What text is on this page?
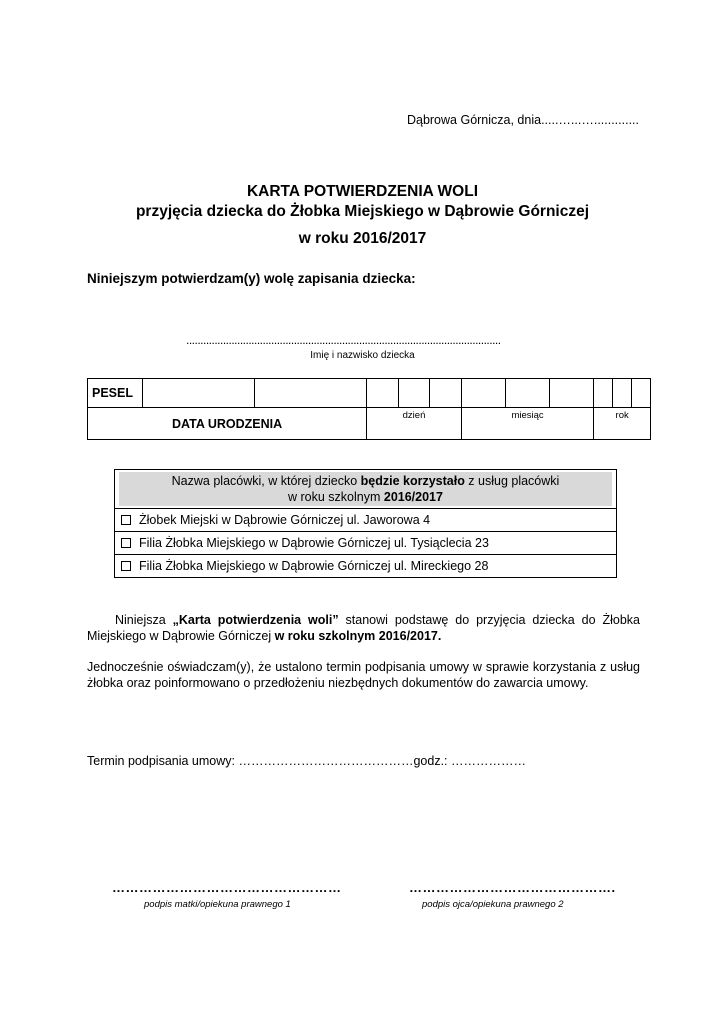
Dąbrowa Górnicza, dnia.....…...….............
KARTA POTWIERDZENIA WOLI
przyjęcia dziecka do Żłobka Miejskiego w Dąbrowie Górniczej
w roku 2016/2017
Niniejszym potwierdzam(y) wolę zapisania dziecka:
...............................................................................................................
Imię i nazwisko dziecka
PESEL											
DATA URODZENIA			dzień			miesiąc			rok		
Nazwa placówki, w której dziecko będzie korzystało z usług placówki
w roku szkolnym 2016/2017

Żłobek Miejski w Dąbrowie Górniczej ul. Jaworowa 4
Filia Żłobka Miejskiego w Dąbrowie Górniczej ul. Tysiąclecia 23
Filia Żłobka Miejskiego w Dąbrowie Górniczej ul. Mireckiego 28
Niniejsza „Karta potwierdzenia woli” stanowi podstawę do przyjęcia dziecka do Żłobka Miejskiego w Dąbrowie Górniczej w roku szkolnym 2016/2017.
Jednocześnie oświadczam(y), że ustalono termin podpisania umowy w sprawie korzystania z usług żłobka oraz poinformowano o przedłożeniu niezbędnych dokumentów do zawarcia umowy.
Termin podpisania umowy: ……………………………………godz.: ………………
……………………………………………	……………………………………….
podpis matki/opiekuna prawnego 1	podpis ojca/opiekuna prawnego 2
